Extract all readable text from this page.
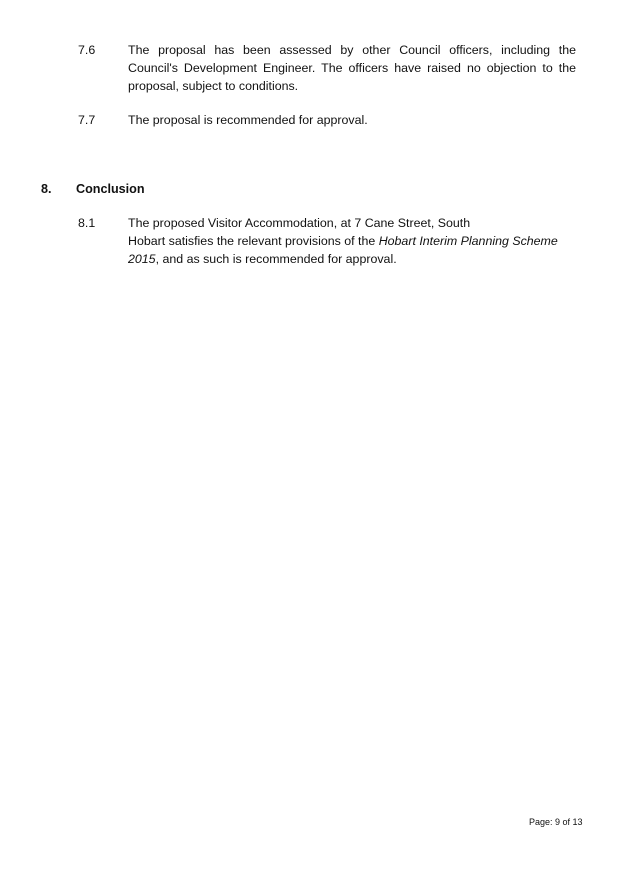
7.6	The proposal has been assessed by other Council officers, including the Council's Development Engineer. The officers have raised no objection to the proposal, subject to conditions.
7.7	The proposal is recommended for approval.
8. Conclusion
8.1	The proposed Visitor Accommodation, at 7 Cane Street, South
Hobart satisfies the relevant provisions of the Hobart Interim Planning Scheme
2015, and as such is recommended for approval.
Page: 9 of 13
